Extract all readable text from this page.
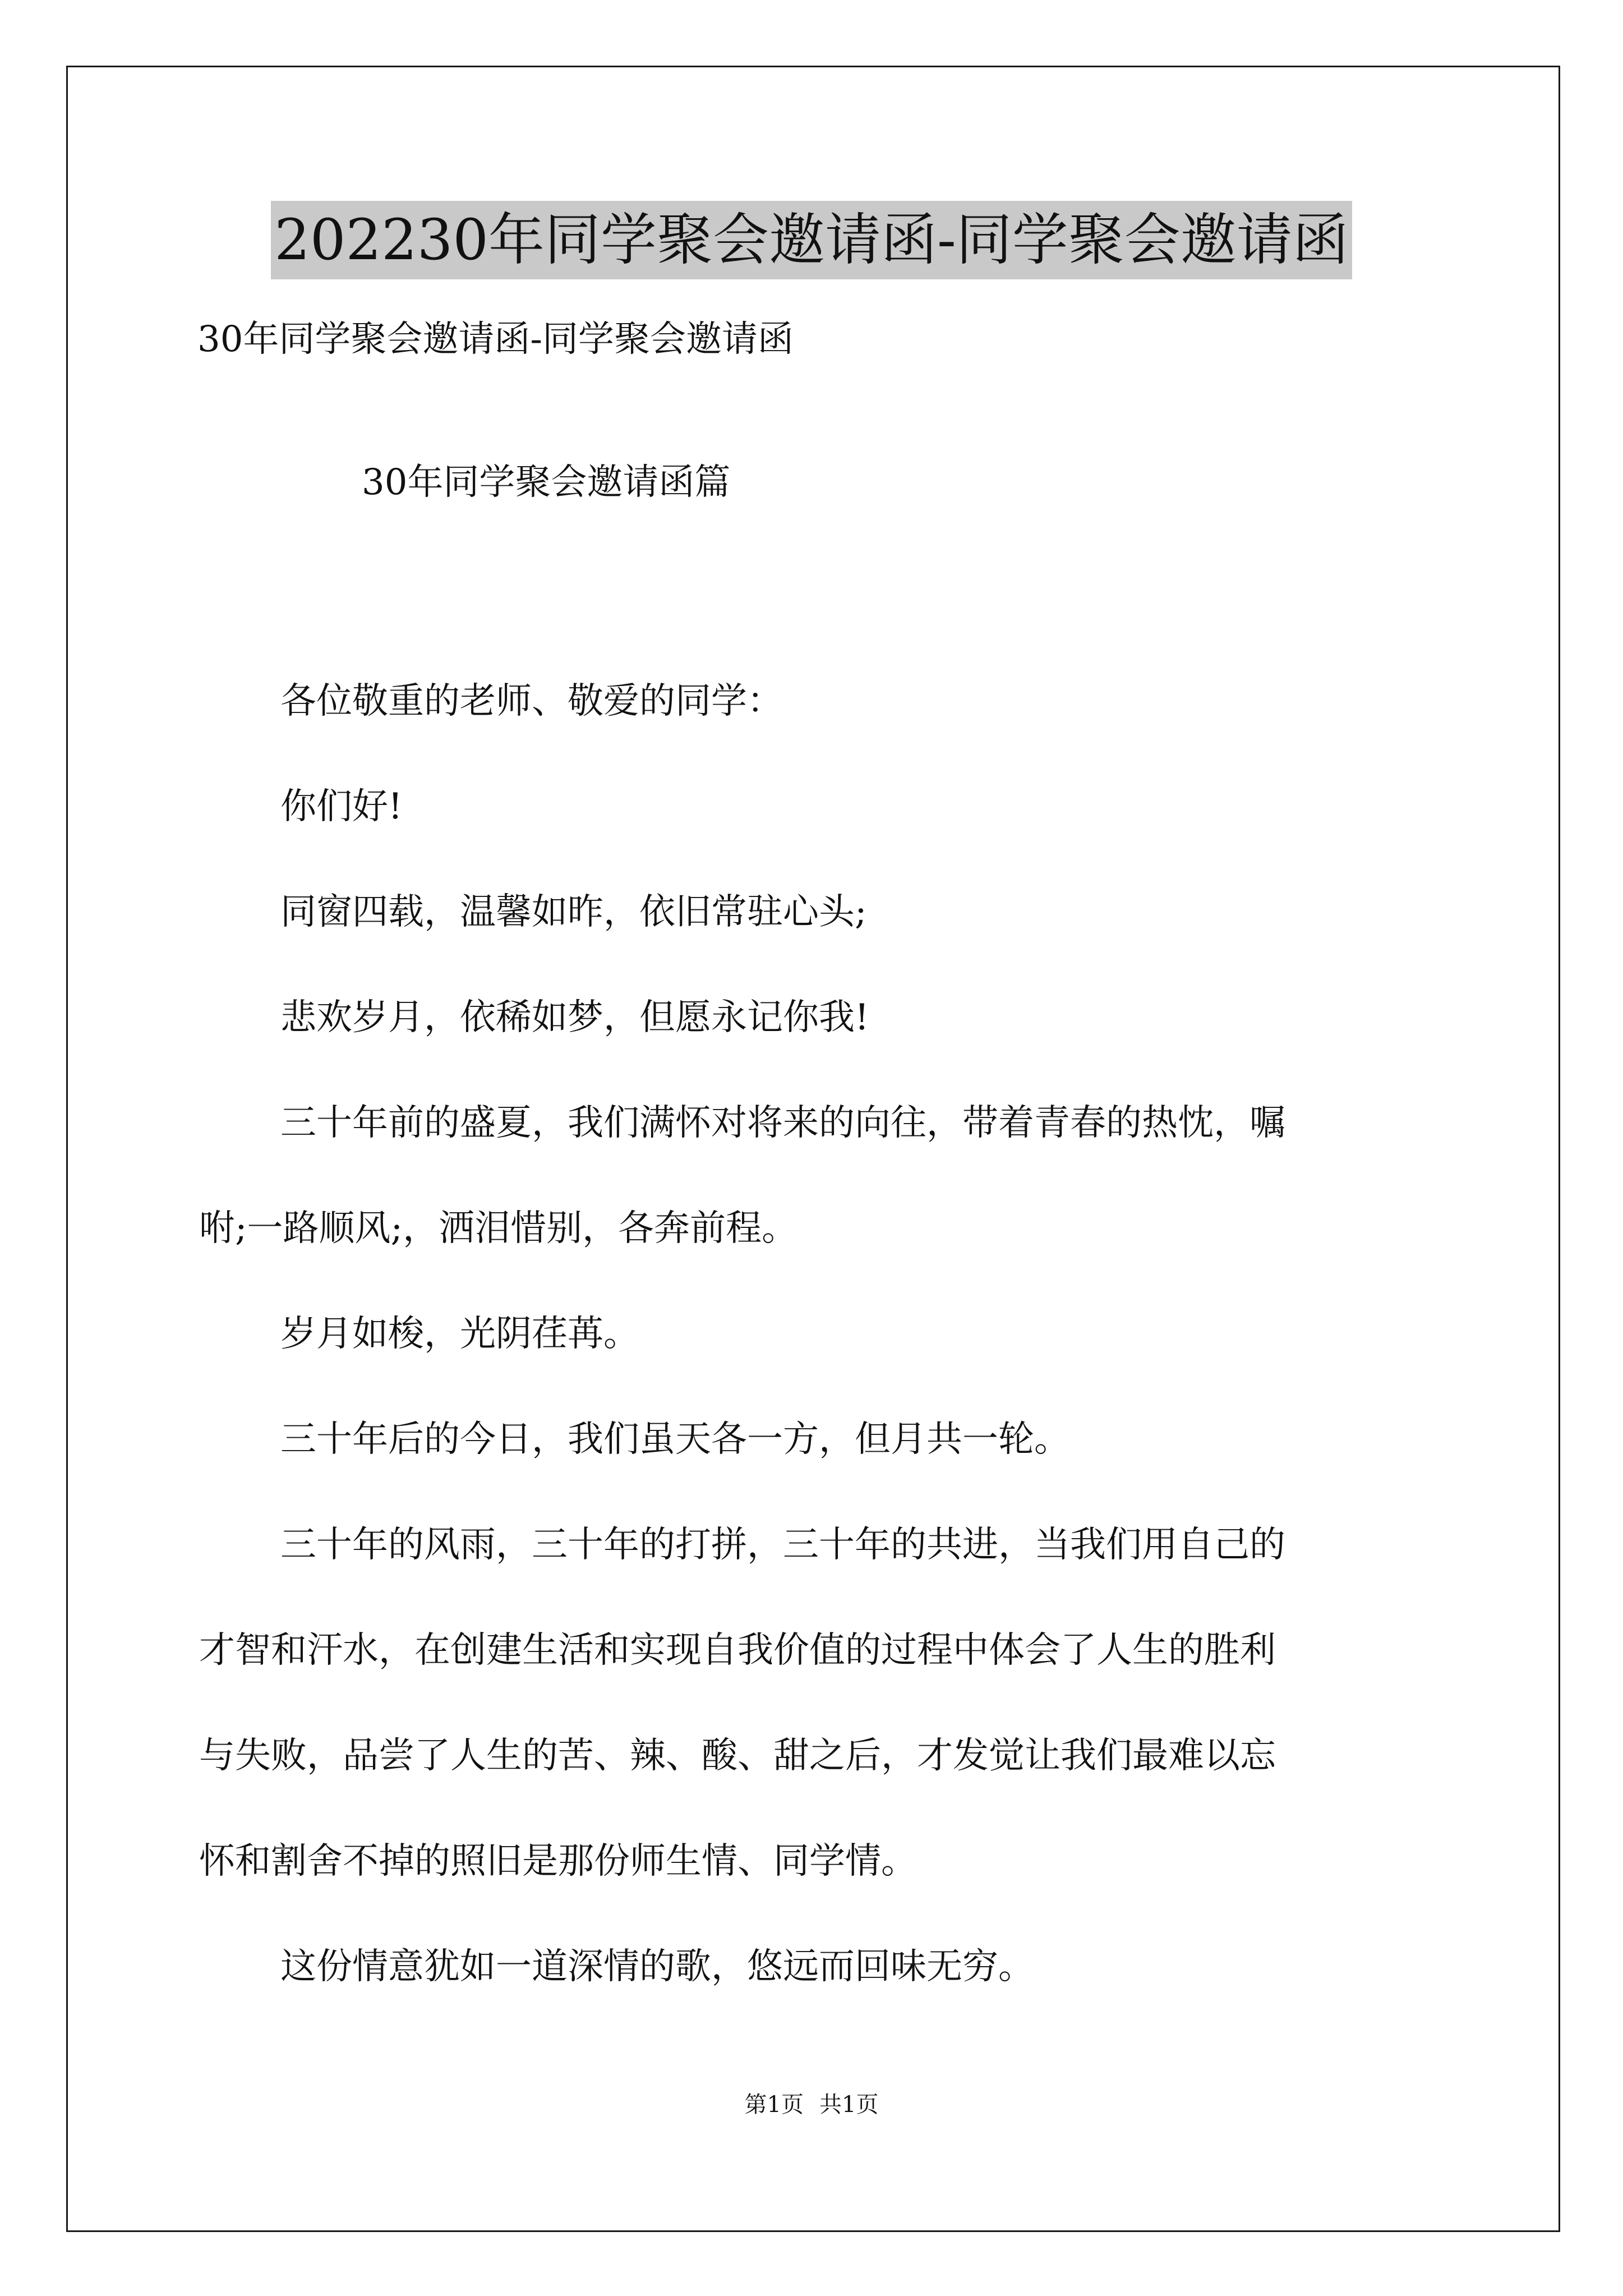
202230年同学聚会邀请函-同学聚会邀请函
30年同学聚会邀请函-同学聚会邀请函
30年同学聚会邀请函篇
各位敬重的老师、敬爱的同学：
你们好!
同窗四载，温馨如昨，依旧常驻心头;
悲欢岁月，依稀如梦，但愿永记你我!
三十年前的盛夏，我们满怀对将来的向往，带着青春的热忱，嘱
咐;一路顺风;，洒泪惜别，各奔前程。
岁月如梭，光阴荏苒。
三十年后的今日，我们虽天各一方，但月共一轮。
三十年的风雨，三十年的打拼，三十年的共进，当我们用自己的
才智和汗水，在创建生活和实现自我价值的过程中体会了人生的胜利
与失败，品尝了人生的苦、辣、酸、甜之后，才发觉让我们最难以忘
怀和割舍不掉的照旧是那份师生情、同学情。
这份情意犹如一道深情的歌，悠远而回味无穷。
第1页 共1页
